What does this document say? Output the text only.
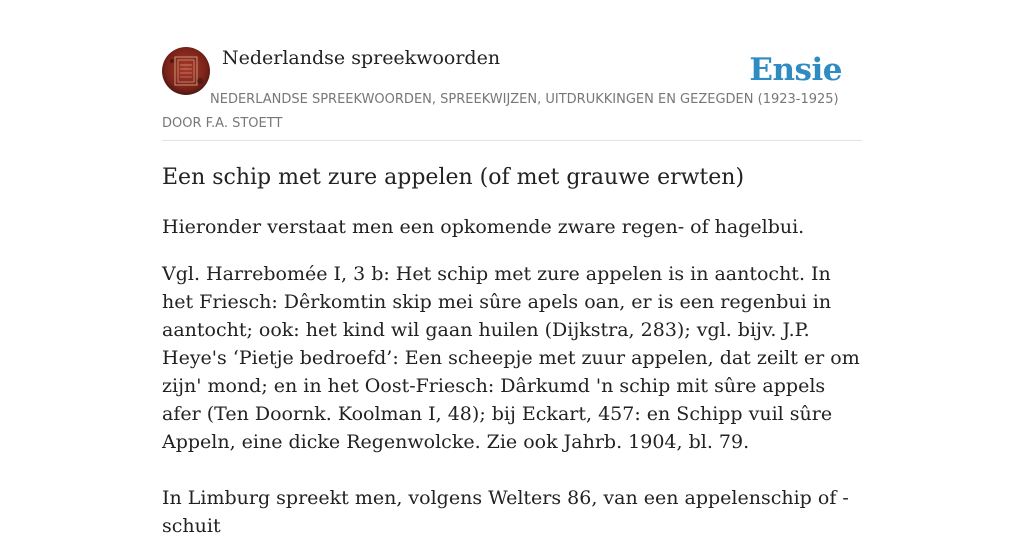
Nederlandse spreekwoorden	Ensie
NEDERLANDSE SPREEKWOORDEN, SPREEKWIJZEN, UITDRUKKINGEN EN GEZEGDEN (1923-1925)
DOOR F.A. STOETT
Een schip met zure appelen (of met grauwe erwten)

Hieronder verstaat men een opkomende zware regen- of hagelbui.

Vgl. Harrebomée I, 3 b: Het schip met zure appelen is in aantocht. In het Friesch: Dêrkomtin skip mei sûre apels oan, er is een regenbui in aantocht; ook: het kind wil gaan huilen (Dijkstra, 283); vgl. bijv. J.P. Heye's ‘Pietje bedroefd’: Een scheepje met zuur appelen, dat zeilt er om zijn' mond; en in het Oost-Friesch: Dârkumd 'n schip mit sûre appels afer (Ten Doornk. Koolman I, 48); bij Eckart, 457: en Schipp vuil sûre Appeln, eine dicke Regenwolcke. Zie ook Jahrb. 1904, bl. 79.

In Limburg spreekt men, volgens Welters 86, van een appelenschip of -schuit
